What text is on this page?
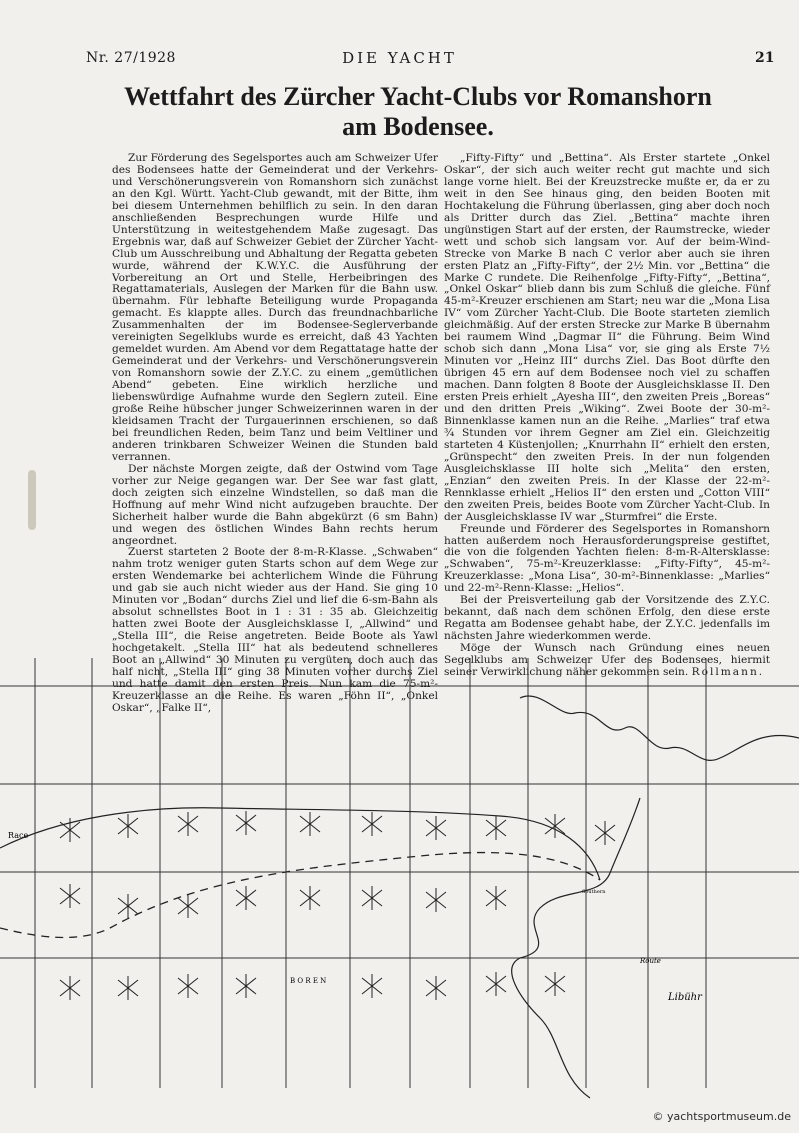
Nr. 27/1928	DIE YACHT	21
Wettfahrt des Zürcher Yacht-Clubs vor Romanshorn
am Bodensee.

Zur Förderung des Segelsportes auch am Schweizer Ufer des Bodensees hatte der Gemeinderat und der Verkehrs- und Verschönerungsverein von Romanshorn sich zunächst an den Kgl. Württ. Yacht-Club gewandt, mit der Bitte, ihm bei diesem Unternehmen behilflich zu sein. In den daran anschließenden Besprechungen wurde Hilfe und Unterstützung in weitestgehendem Maße zugesagt. Das Ergebnis war, daß auf Schweizer Gebiet der Zürcher Yacht-Club um Ausschreibung und Abhaltung der Regatta gebeten wurde, während der K.W.Y.C. die Ausführung der Vorbereitung an Ort und Stelle, Herbeibringen des Regattamaterials, Auslegen der Marken für die Bahn usw. übernahm. Für lebhafte Beteiligung wurde Propaganda gemacht. Es klappte alles. Durch das freundnachbarliche Zusammenhalten der im Bodensee-Seglerverbande vereinigten Segelklubs wurde es erreicht, daß 43 Yachten gemeldet wurden. Am Abend vor dem Regattatage hatte der Gemeinderat und der Verkehrs- und Verschönerungsverein von Romanshorn sowie der Z.Y.C. zu einem „gemütlichen Abend“ gebeten. Eine wirklich herzliche und liebenswürdige Aufnahme wurde den Seglern zuteil. Eine große Reihe hübscher junger Schweizerinnen waren in der kleidsamen Tracht der Turgauerinnen erschienen, so daß bei freundlichen Reden, beim Tanz und beim Veltliner und anderen trinkbaren Schweizer Weinen die Stunden bald verrannen.

Der nächste Morgen zeigte, daß der Ostwind vom Tage vorher zur Neige gegangen war. Der See war fast glatt, doch zeigten sich einzelne Windstellen, so daß man die Hoffnung auf mehr Wind nicht aufzugeben brauchte. Der Sicherheit halber wurde die Bahn abgekürzt (6 sm Bahn) und wegen des östlichen Windes Bahn rechts herum angeordnet.

Zuerst starteten 2 Boote der 8-m-R-Klasse. „Schwaben“ nahm trotz weniger guten Starts schon auf dem Wege zur ersten Wendemarke bei achterlichem Winde die Führung und gab sie auch nicht wieder aus der Hand. Sie ging 10 Minuten vor „Bodan“ durchs Ziel und lief die 6-sm-Bahn als absolut schnellstes Boot in 1 : 31 : 35 ab. Gleichzeitig hatten zwei Boote der Ausgleichsklasse I, „Allwind“ und „Stella III“, die Reise angetreten. Beide Boote als Yawl hochgetakelt. „Stella III“ hat als bedeutend schnelleres Boot an „Allwind“ 30 Minuten zu vergüten, doch auch das half nicht, „Stella III“ ging 38 Minuten vorher durchs Ziel und hatte damit den ersten Preis. Nun kam die 75-m²-Kreuzerklasse an die Reihe. Es waren „Föhn II“, „Onkel Oskar“, „Falke II“,

„Fifty-Fifty“ und „Bettina“. Als Erster startete „Onkel Oskar“, der sich auch weiter recht gut machte und sich lange vorne hielt. Bei der Kreuzstrecke mußte er, da er zu weit in den See hinaus ging, den beiden Booten mit Hochtakelung die Führung überlassen, ging aber doch noch als Dritter durch das Ziel. „Bettina“ machte ihren ungünstigen Start auf der ersten, der Raumstrecke, wieder wett und schob sich langsam vor. Auf der beim-Wind-Strecke von Marke B nach C verlor aber auch sie ihren ersten Platz an „Fifty-Fifty“, der 2½ Min. vor „Bettina“ die Marke C rundete. Die Reihenfolge „Fifty-Fifty“, „Bettina“, „Onkel Oskar“ blieb dann bis zum Schluß die gleiche. Fünf 45-m²-Kreuzer erschienen am Start; neu war die „Mona Lisa IV“ vom Zürcher Yacht-Club. Die Boote starteten ziemlich gleichmäßig. Auf der ersten Strecke zur Marke B übernahm bei raumem Wind „Dagmar II“ die Führung. Beim Wind schob sich dann „Mona Lisa“ vor, sie ging als Erste 7½ Minuten vor „Heinz III“ durchs Ziel. Das Boot dürfte den übrigen 45 ern auf dem Bodensee noch viel zu schaffen machen. Dann folgten 8 Boote der Ausgleichsklasse II. Den ersten Preis erhielt „Ayesha III“, den zweiten Preis „Boreas“ und den dritten Preis „Wiking“. Zwei Boote der 30-m²-Binnenklasse kamen nun an die Reihe. „Marlies“ traf etwa ¾ Stunden vor ihrem Gegner am Ziel ein. Gleichzeitig starteten 4 Küstenjollen; „Knurrhahn II“ erhielt den ersten, „Grünspecht“ den zweiten Preis. In der nun folgenden Ausgleichsklasse III holte sich „Melita“ den ersten, „Enzian“ den zweiten Preis. In der Klasse der 22-m²-Rennklasse erhielt „Helios II“ den ersten und „Cotton VIII“ den zweiten Preis, beides Boote vom Zürcher Yacht-Club. In der Ausgleichsklasse IV war „Sturmfrei“ die Erste.

Freunde und Förderer des Segelsportes in Romanshorn hatten außerdem noch Herausforderungspreise gestiftet, die von die folgenden Yachten fielen: 8-m-R-Altersklasse: „Schwaben“, 75-m²-Kreuzerklasse: „Fifty-Fifty“, 45-m²-Kreuzerklasse: „Mona Lisa“, 30-m²-Binnenklasse: „Marlies“ und 22-m²-Renn-Klasse: „Helios“.

Bei der Preisverteilung gab der Vorsitzende des Z.Y.C. bekannt, daß nach dem schönen Erfolg, den diese erste Regatta am Bodensee gehabt habe, der Z.Y.C. jedenfalls im nächsten Jahre wiederkommen werde.

Möge der Wunsch nach Gründung eines neuen Segelklubs am Schweizer Ufer des Bodensees, hiermit seiner Verwirklichung näher gekommen sein. Rollmann.

Race
B O R E N
Southern
Route
Libühr
© yachtsportmuseum.de
